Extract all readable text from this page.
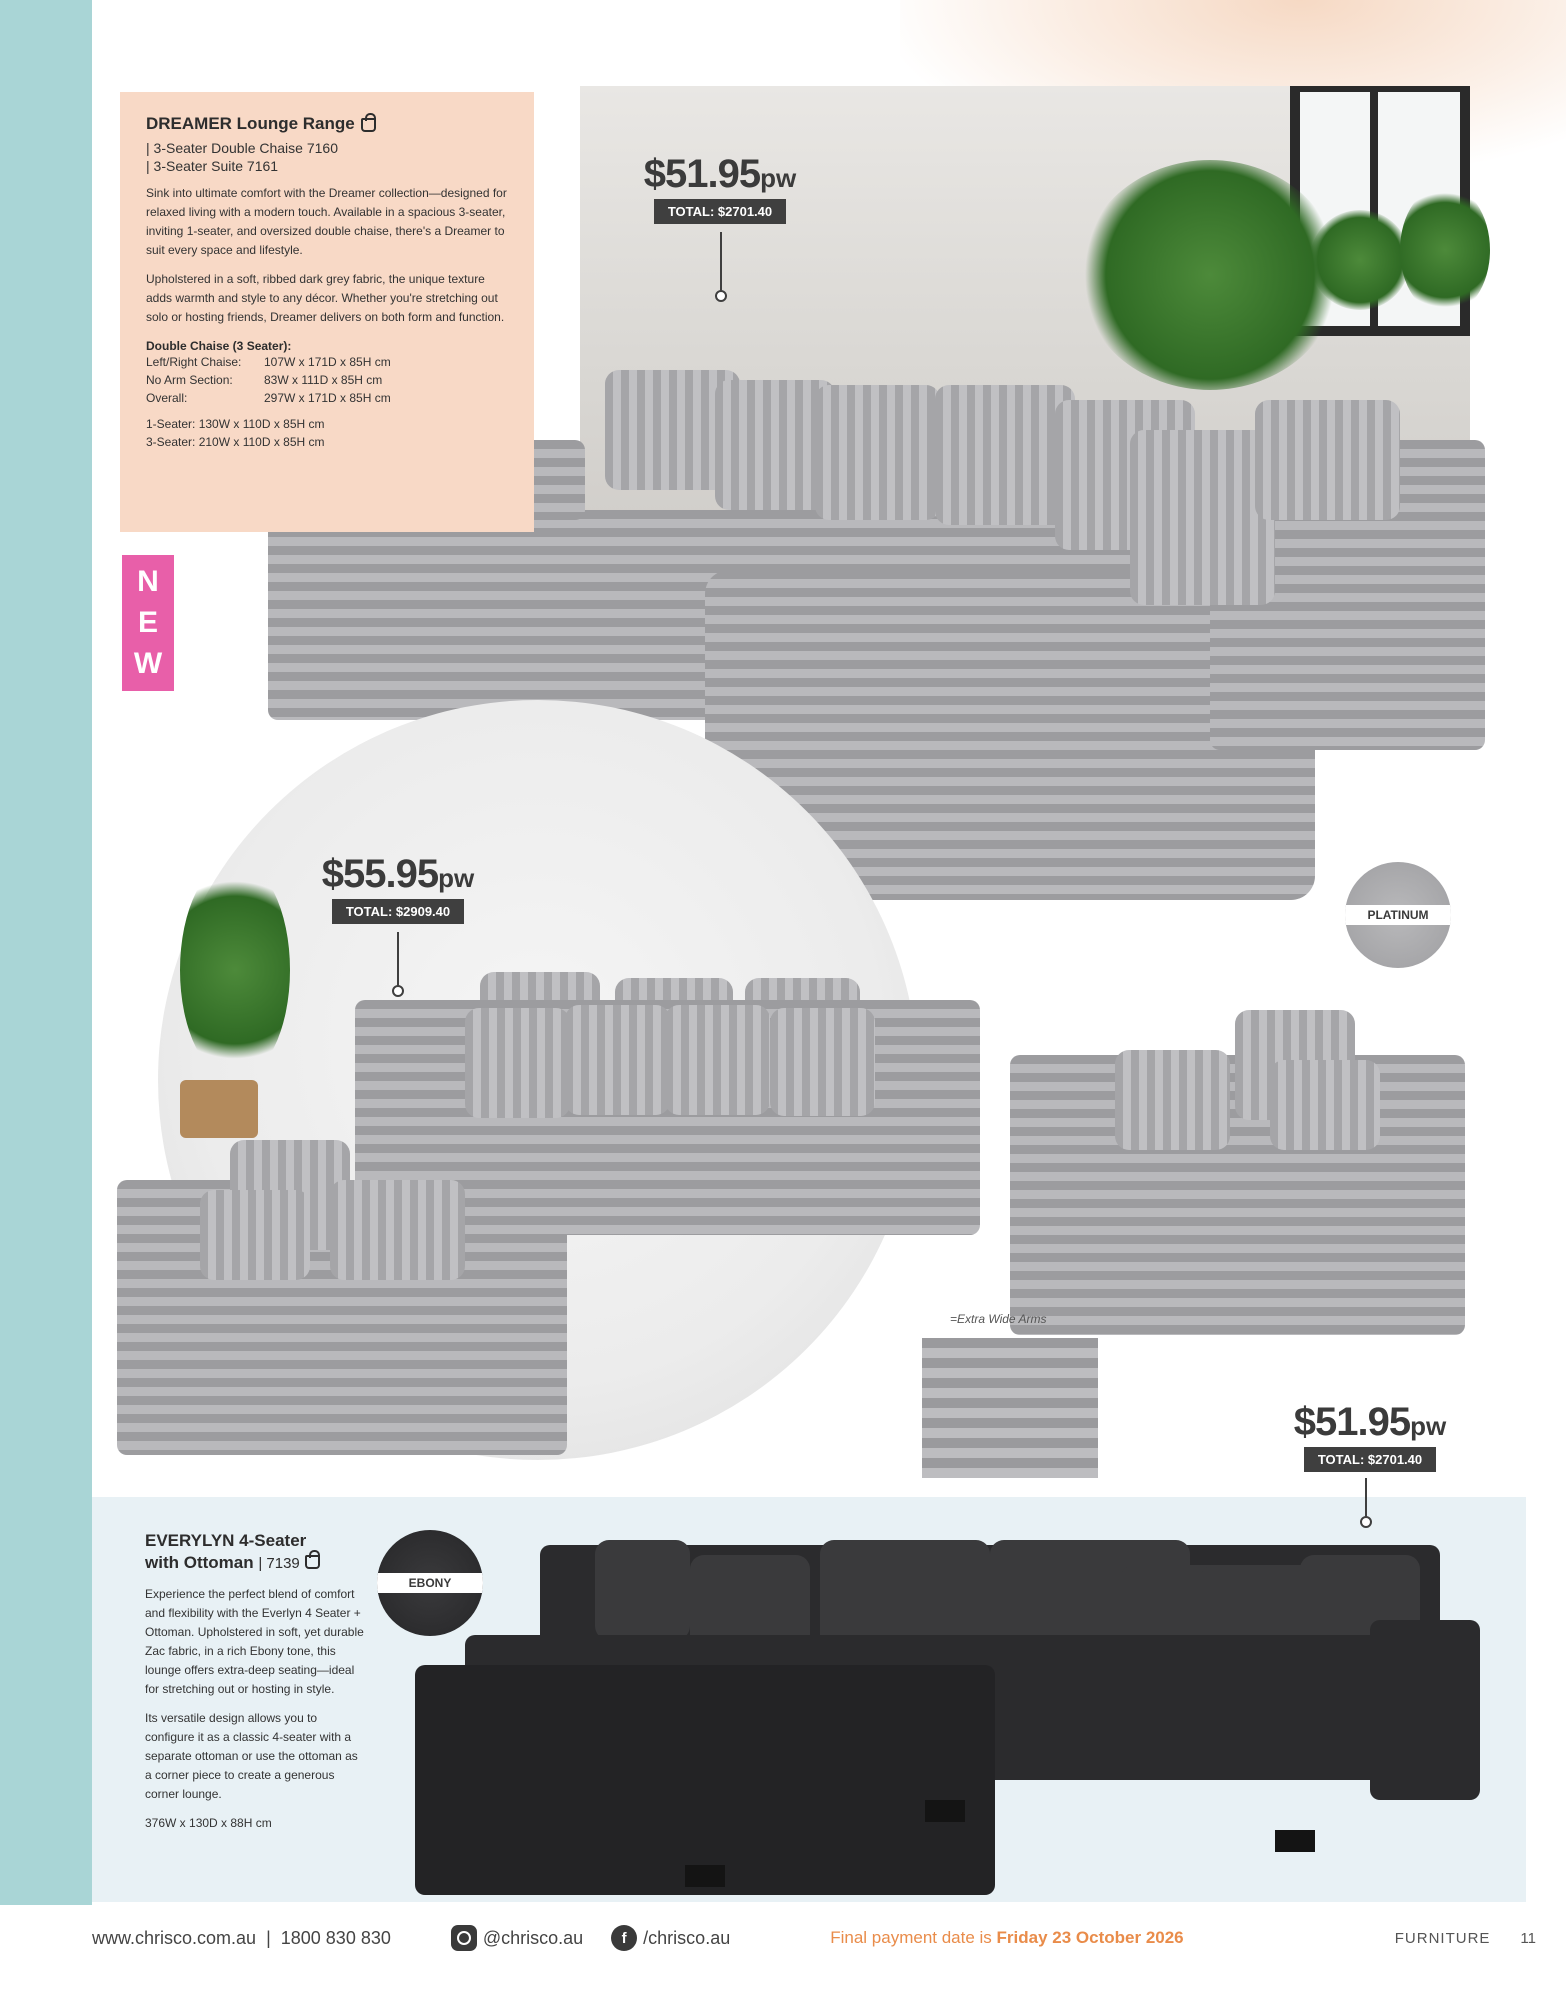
DREAMER Lounge Range
| 3-Seater Double Chaise 7160
| 3-Seater Suite 7161

Sink into ultimate comfort with the Dreamer collection—designed for relaxed living with a modern touch. Available in a spacious 3-seater, inviting 1-seater, and oversized double chaise, there's a Dreamer to suit every space and lifestyle.

Upholstered in a soft, ribbed dark grey fabric, the unique texture adds warmth and style to any décor. Whether you're stretching out solo or hosting friends, Dreamer delivers on both form and function.

Double Chaise (3 Seater):
Left/Right Chaise:	107W x 171D x 85H cm
No Arm Section:	83W x 111D x 85H cm
Overall:	297W x 171D x 85H cm
1-Seater: 130W x 110D x 85H cm
3-Seater: 210W x 110D x 85H cm
N
E
W
$51.95pw
TOTAL: $2701.40
PLATINUM
$55.95pw
TOTAL: $2909.40
=Extra Wide Arms
$51.95pw
TOTAL: $2701.40
EVERYLYN 4-Seater
with Ottoman | 7139

Experience the perfect blend of comfort and flexibility with the Everlyn 4 Seater + Ottoman. Upholstered in soft, yet durable Zac fabric, in a rich Ebony tone, this lounge offers extra-deep seating—ideal for stretching out or hosting in style.

Its versatile design allows you to configure it as a classic 4-seater with a separate ottoman or use the ottoman as a corner piece to create a generous corner lounge.

376W x 130D x 88H cm
EBONY
www.chrisco.com.au | 1800 830 830	@chrisco.au	f /chrisco.au	Final payment date is Friday 23 October 2026	FURNITURE 11
